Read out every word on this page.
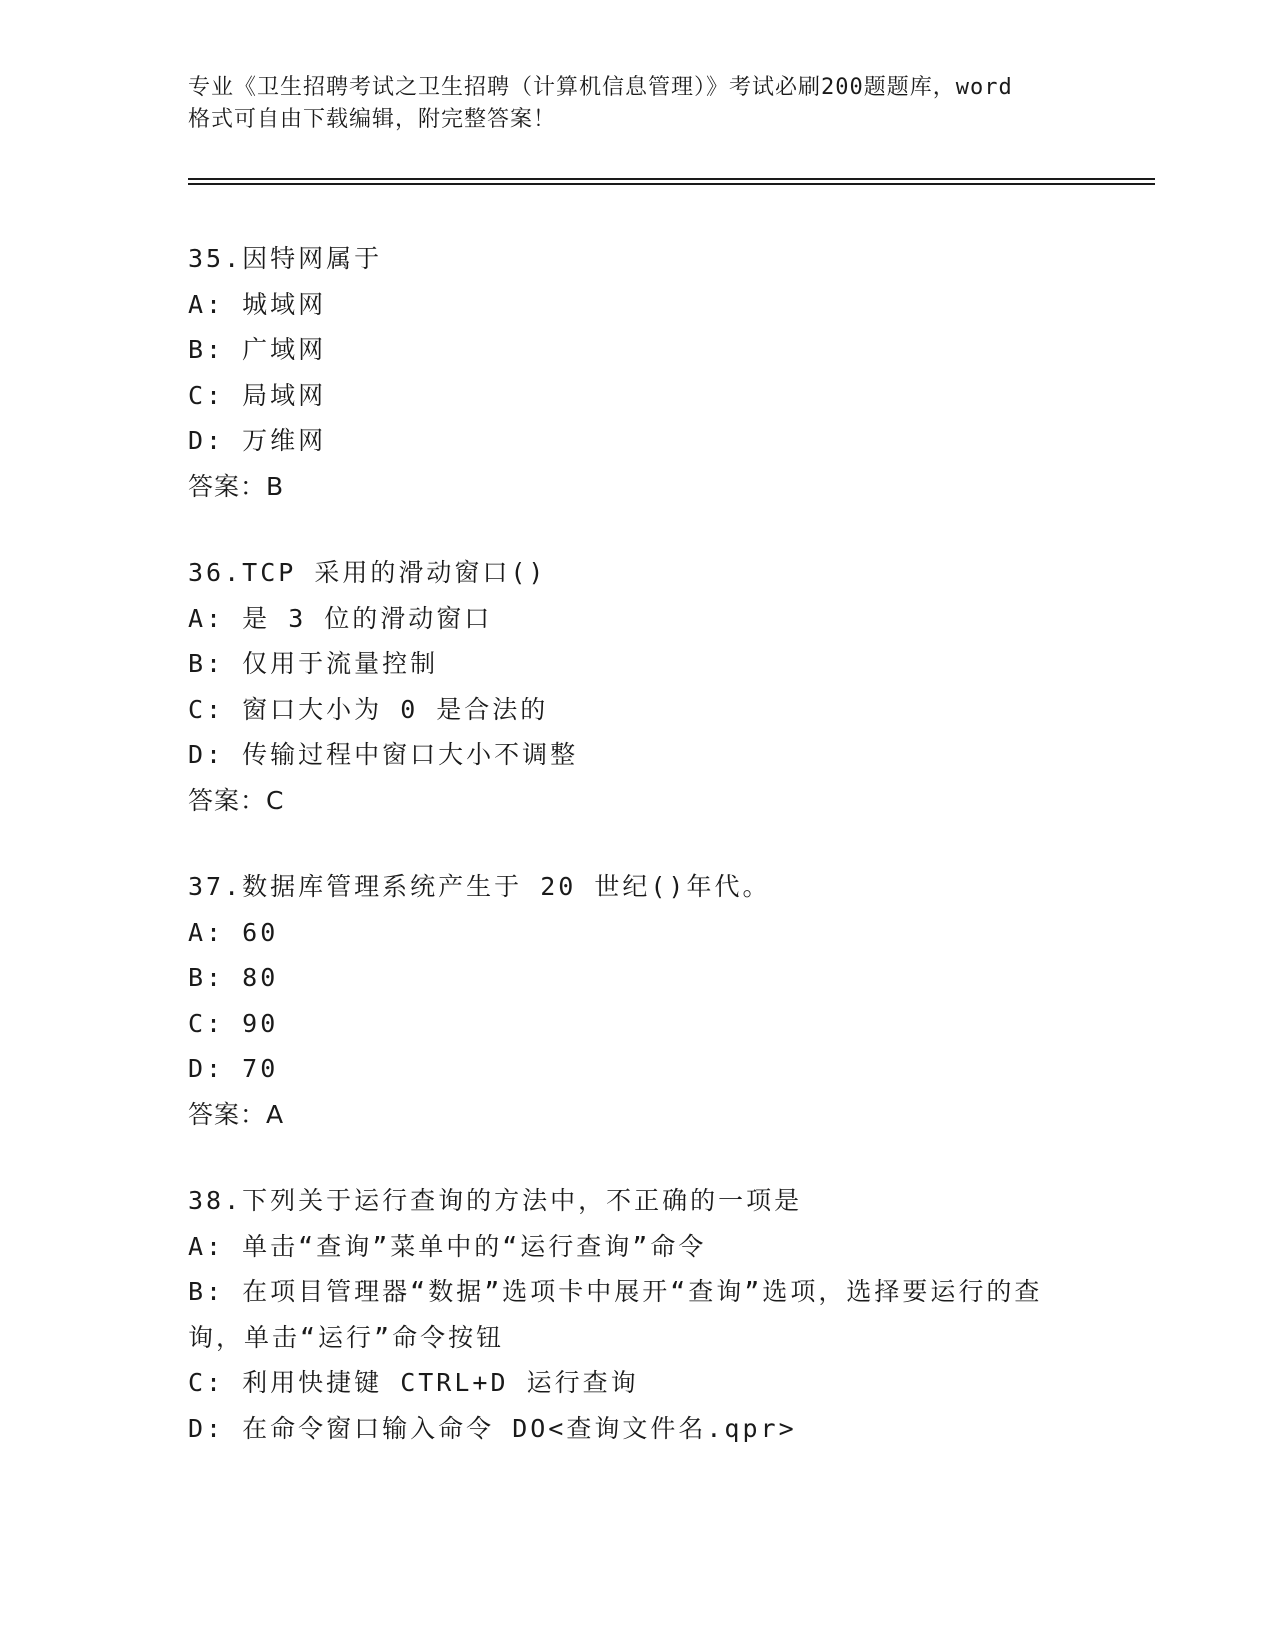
专业《卫生招聘考试之卫生招聘（计算机信息管理）》考试必刷200题题库，word
格式可自由下载编辑，附完整答案！
35.因特网属于
A: 城域网
B: 广域网
C: 局域网
D: 万维网
答案：B
36.TCP 采用的滑动窗口()
A: 是 3 位的滑动窗口
B: 仅用于流量控制
C: 窗口大小为 0 是合法的
D: 传输过程中窗口大小不调整
答案：C
37.数据库管理系统产生于 20 世纪()年代。
A: 60
B: 80
C: 90
D: 70
答案：A
38.下列关于运行查询的方法中，不正确的一项是
A: 单击“查询”菜单中的“运行查询”命令
B: 在项目管理器“数据”选项卡中展开“查询”选项，选择要运行的查询，单击“运行”命令按钮
C: 利用快捷键 CTRL+D 运行查询
D: 在命令窗口输入命令 DO<查询文件名.qpr>
